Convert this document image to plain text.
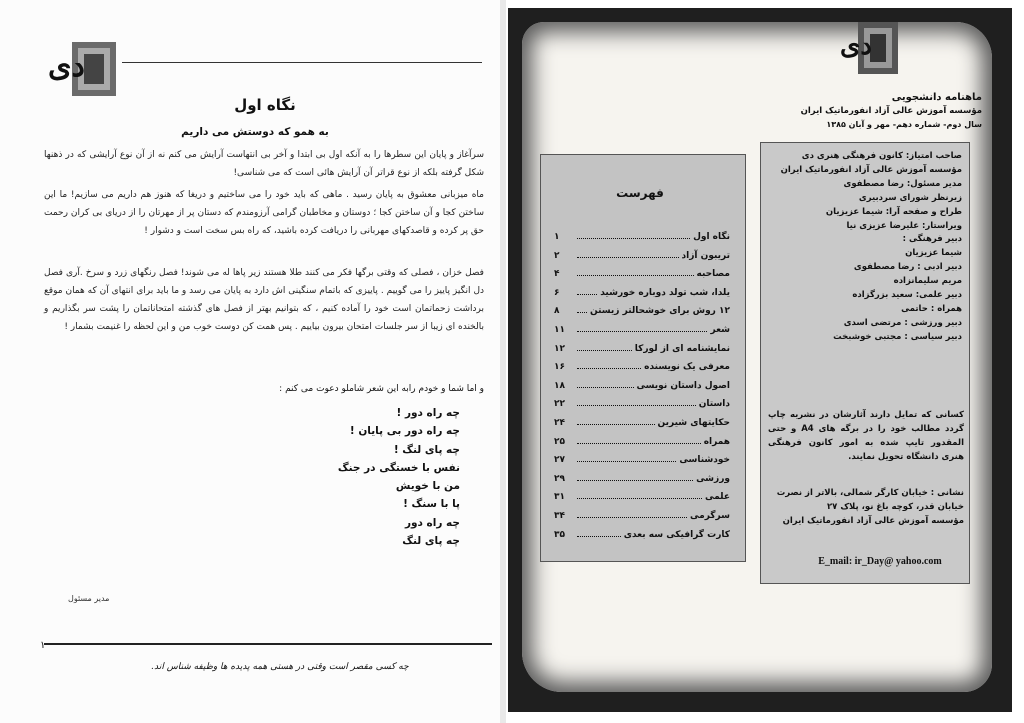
دی
نگاه اول
به همو که دوستش می داریم
سرآغاز و پایان این سطرها را به آنکه اول بی ابتدا و آخر بی انتهاست آرایش می کنم نه از آن نوع آرایشی که در ذهنها شکل گرفته بلکه از نوع قراتر آن آرایش هائی است که می شناسی!
ماه میزبانی معشوق به پایان رسید . ماهی که باید خود را می ساختیم و دریغا که هنوز هم داریم می سازیم! ما این ساختن کجا و آن ساختن کجا ؛ دوستان و مخاطبان گرامی آرزومندم که دستان پر از مهرتان را از دریای بی کران رحمت حق پر کرده و قاصدکهای مهربانی را دریافت کرده باشید، که راه بس سخت است و دشوار !
فصل خزان ، فصلی که وقتی برگها فکر می کنند طلا هستند زیر پاها له می شوند! فصل رنگهای زرد و سرخ .آری فصل دل انگیز پاییز را می گوییم . پاییزی که باتمام سنگینی اش دارد به پایان می رسد و ما باید برای انتهای آن که همان موقع برداشت زحماتمان است خود را آماده کنیم ، که بتوانیم بهتر از فصل های گذشته امتحاناتمان را پشت سر بگذاریم و بالخنده ای زیبا از سر جلسات امتحان بیرون بیاییم . پس همت کن دوست خوب من و این لحظه را غنیمت بشمار !
و اما شما و خودم رابه این شعر شاملو دعوت می کنم :
چه راه دور !
چه راه دور بی پایان !
چه پای لنگ !
نفس با خستگی در جنگ
من با خویش
پا با سنگ !
چه راه دور
چه پای لنگ
مدیر مسئول
۱
چه کسی مقصر است وقتی در هستی همه پدیده ها وظیفه شناس اند.
دی
ماهنامه دانشجویی
مؤسسه آموزش عالی آزاد انفورماتیک ایران
سال دوم- شماره دهم- مهر و آبان ۱۳۸۵
صاحب امتیاز: کانون فرهنگی هنری دی
مؤسسه آموزش عالی آزاد انفورماتیک ایران
مدیر مسئول: رضا مصطفوی
زیرنظر شورای سردبیری
طراح و صفحه آرا: شیما عزیزیان
ویراستار: علیرضا عزیزی نیا
دبیر فرهنگی :
شیما عزیزیان
دبیر ادبی : رضا مصطفوی
مریم سلیمانزاده
دبیر علمی: سعید بزرگزاده
همراه : حاتمی
دبیر ورزشی : مرتضی اسدی
دبیر سیاسی : مجتبی خوشبخت
کسانی که تمایل دارند آثارشان در نشریه چاپ گردد مطالب خود را در برگه های A4 و حتی المقدور تایپ شده به امور کانون فرهنگی هنری دانشگاه تحویل نمایند.
نشانی : خیابان کارگر شمالی، بالاتر از نصرت
خیابان قدر، کوچه باغ نو، پلاک ۲۷
مؤسسه آموزش عالی آزاد انفورماتیک ایران
E_mail: ir_Day@ yahoo.com
فهرست
نگاه اول
۱
تریبون آزاد
۲
مصاحبه
۴
یلدا، شب تولد دوباره خورشید
۶
۱۲ روش برای خوشحالتر زیستن
۸
شعر
۱۱
نمایشنامه ای از لورکا
۱۲
معرفی یک نویسنده
۱۶
اصول داستان نویسی
۱۸
داستان
۲۲
حکایتهای شیرین
۲۴
همراه
۲۵
خودشناسی
۲۷
ورزشی
۲۹
علمی
۳۱
سرگرمی
۳۴
کارت گرافیکی سه بعدی
۳۵
